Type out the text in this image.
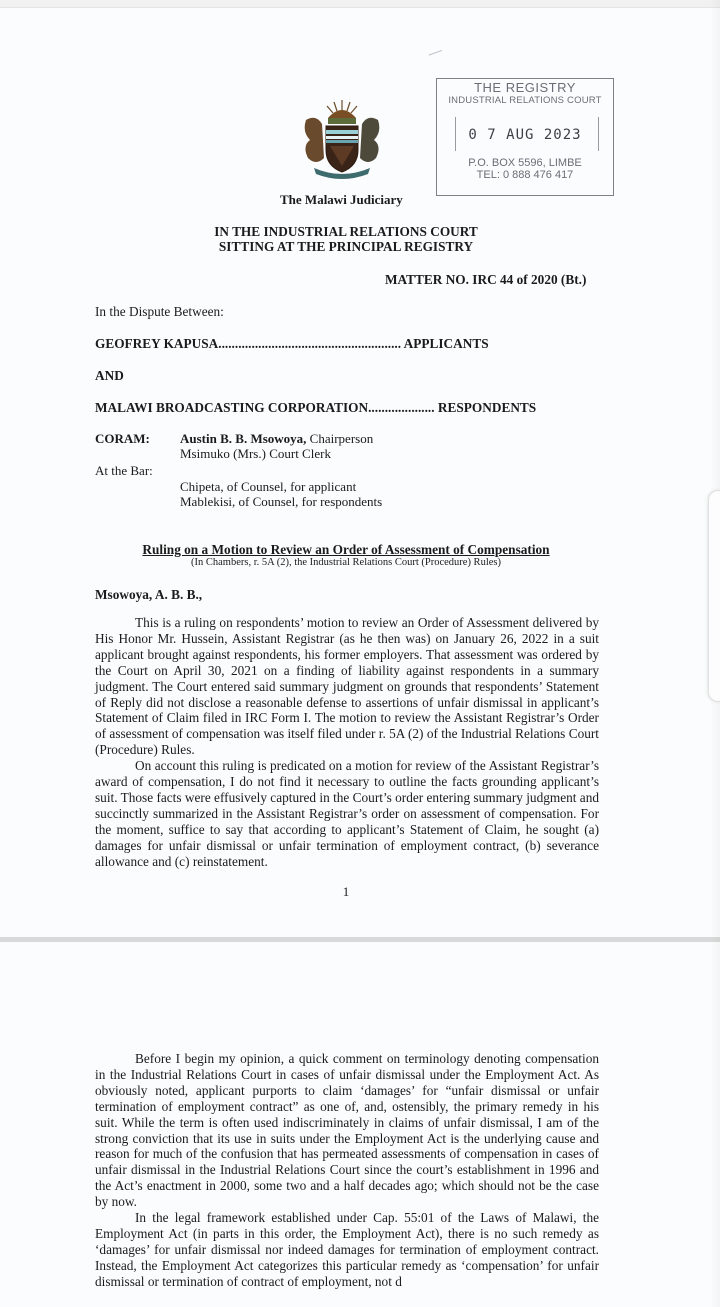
THE REGISTRY
INDUSTRIAL RELATIONS COURT
0 7 AUG 2023
P.O. BOX 5596, LIMBE
TEL: 0 888 476 417
The Malawi Judiciary
IN THE INDUSTRIAL RELATIONS COURT
SITTING AT THE PRINCIPAL REGISTRY
MATTER NO. IRC 44 of 2020 (Bt.)
In the Dispute Between:
GEOFREY KAPUSA....................................................... APPLICANTS
AND
MALAWI BROADCASTING CORPORATION.................... RESPONDENTS
CORAM: Austin B. B. Msowoya, Chairperson
Msimuko (Mrs.) Court Clerk
At the Bar:
Chipeta, of Counsel, for applicant
Mablekisi, of Counsel, for respondents
Ruling on a Motion to Review an Order of Assessment of Compensation
(In Chambers, r. 5A (2), the Industrial Relations Court (Procedure) Rules)
Msowoya, A. B. B.,

This is a ruling on respondents’ motion to review an Order of Assessment delivered by His Honor Mr. Hussein, Assistant Registrar (as he then was) on January 26, 2022 in a suit applicant brought against respondents, his former employers. That assessment was ordered by the Court on April 30, 2021 on a finding of liability against respondents in a summary judgment. The Court entered said summary judgment on grounds that respondents’ Statement of Reply did not disclose a reasonable defense to assertions of unfair dismissal in applicant’s Statement of Claim filed in IRC Form I. The motion to review the Assistant Registrar’s Order of assessment of compensation was itself filed under r. 5A (2) of the Industrial Relations Court (Procedure) Rules.

On account this ruling is predicated on a motion for review of the Assistant Registrar’s award of compensation, I do not find it necessary to outline the facts grounding applicant’s suit. Those facts were effusively captured in the Court’s order entering summary judgment and succinctly summarized in the Assistant Registrar’s order on assessment of compensation. For the moment, suffice to say that according to applicant’s Statement of Claim, he sought (a) damages for unfair dismissal or unfair termination of employment contract, (b) severance allowance and (c) reinstatement.

1

Before I begin my opinion, a quick comment on terminology denoting compensation in the Industrial Relations Court in cases of unfair dismissal under the Employment Act. As obviously noted, applicant purports to claim ‘damages’ for “unfair dismissal or unfair termination of employment contract” as one of, and, ostensibly, the primary remedy in his suit. While the term is often used indiscriminately in claims of unfair dismissal, I am of the strong conviction that its use in suits under the Employment Act is the underlying cause and reason for much of the confusion that has permeated assessments of compensation in cases of unfair dismissal in the Industrial Relations Court since the court’s establishment in 1996 and the Act’s enactment in 2000, some two and a half decades ago; which should not be the case by now.

In the legal framework established under Cap. 55:01 of the Laws of Malawi, the Employment Act (in parts in this order, the Employment Act), there is no such remedy as ‘damages’ for unfair dismissal nor indeed damages for termination of employment contract. Instead, the Employment Act categorizes this particular remedy as ‘compensation’ for unfair dismissal or termination of contract of employment, not d
